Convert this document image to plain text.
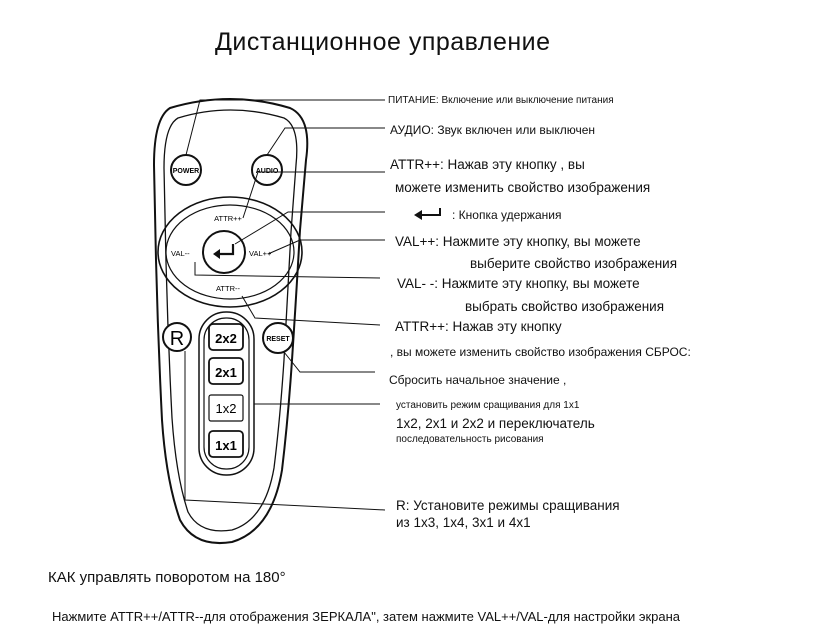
Дистанционное управление
POWER	AUDIO
ATTR++
ATTR--
VAL--	VAL++
R	RESET
2x2
2x1
1x2
1x1
ПИТАНИЕ: Включение или выключение питания
АУДИО: Звук включен или выключен
ATTR++: Нажав эту кнопку , вы
можете изменить свойство изображения
: Кнопка удержания
VAL++: Нажмите эту кнопку, вы можете
выберите свойство изображения
VAL- -: Нажмите эту кнопку, вы можете
выбрать свойство изображения
ATTR++: Нажав эту кнопку
, вы можете изменить свойство изображения СБРОС:
Сбросить начальное значение ,
установить режим сращивания для 1x1
1x2, 2x1 и 2x2 и переключатель
последовательность рисования
R: Установите режимы сращивания
из 1x3, 1x4, 3x1 и 4x1
КАК управлять поворотом на 180°
Нажмите ATTR++/ATTR--для отображения ЗЕРКАЛА", затем нажмите VAL++/VAL-для настройки экрана
